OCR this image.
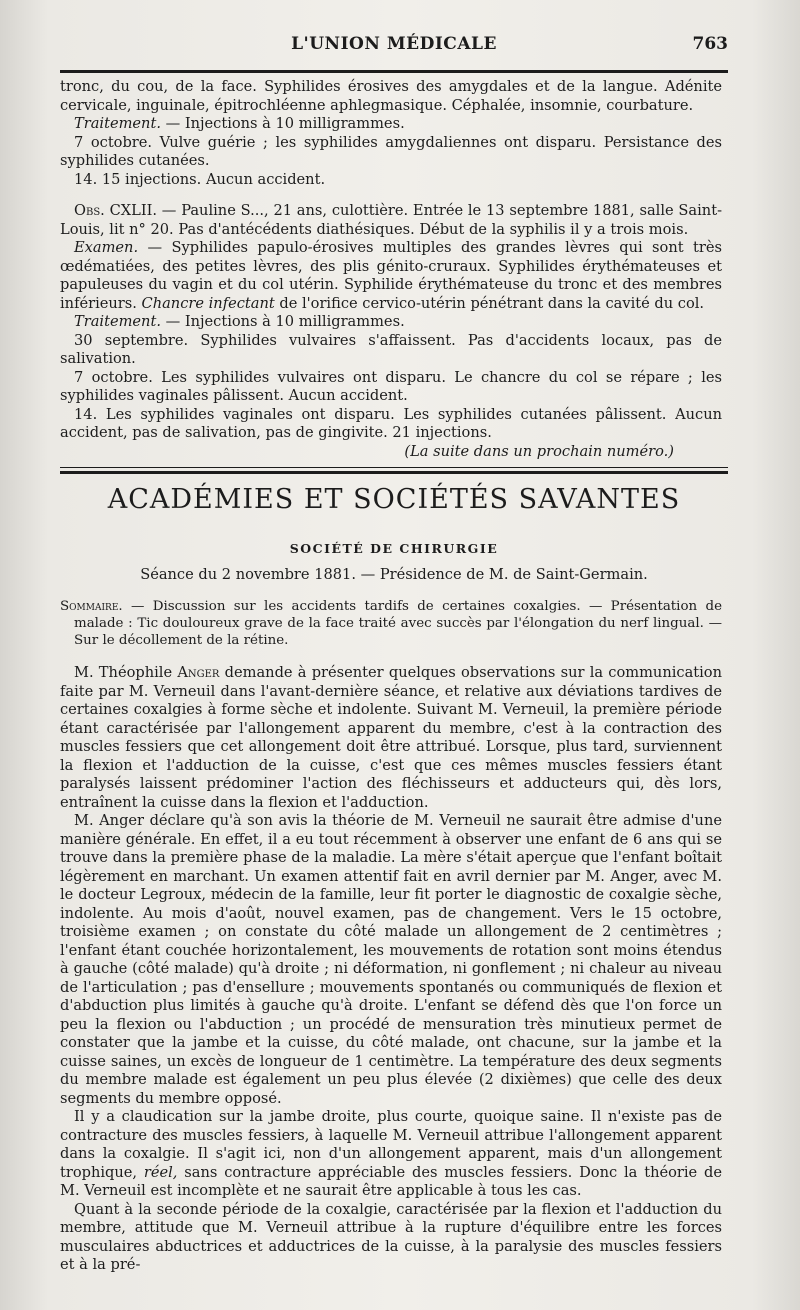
L'UNION MÉDICALE	763

tronc, du cou, de la face. Syphilides érosives des amygdales et de la langue. Adénite cervicale, inguinale, épitrochléenne aphlegmasique. Céphalée, insomnie, courbature.

Traitement. — Injections à 10 milligrammes.

7 octobre. Vulve guérie ; les syphilides amygdaliennes ont disparu. Persistance des syphilides cutanées.

14. 15 injections. Aucun accident.

Obs. CXLII. — Pauline S..., 21 ans, culottière. Entrée le 13 septembre 1881, salle Saint-Louis, lit n° 20. Pas d'antécédents diathésiques. Début de la syphilis il y a trois mois.

Examen. — Syphilides papulo-érosives multiples des grandes lèvres qui sont très œdématiées, des petites lèvres, des plis génito-cruraux. Syphilides érythémateuses et papuleuses du vagin et du col utérin. Syphilide érythémateuse du tronc et des membres inférieurs. Chancre infectant de l'orifice cervico-utérin pénétrant dans la cavité du col.

Traitement. — Injections à 10 milligrammes.

30 septembre. Syphilides vulvaires s'affaissent. Pas d'accidents locaux, pas de salivation.

7 octobre. Les syphilides vulvaires ont disparu. Le chancre du col se répare ; les syphilides vaginales pâlissent. Aucun accident.

14. Les syphilides vaginales ont disparu. Les syphilides cutanées pâlissent. Aucun accident, pas de salivation, pas de gingivite. 21 injections.

(La suite dans un prochain numéro.)

ACADÉMIES ET SOCIÉTÉS SAVANTES
SOCIÉTÉ DE CHIRURGIE
Séance du 2 novembre 1881. — Présidence de M. de Saint-Germain.

Sommaire. — Discussion sur les accidents tardifs de certaines coxalgies. — Présentation de malade : Tic douloureux grave de la face traité avec succès par l'élongation du nerf lingual. — Sur le décollement de la rétine.

M. Théophile Anger demande à présenter quelques observations sur la communication faite par M. Verneuil dans l'avant-dernière séance, et relative aux déviations tardives de certaines coxalgies à forme sèche et indolente. Suivant M. Verneuil, la première période étant caractérisée par l'allongement apparent du membre, c'est à la contraction des muscles fessiers que cet allongement doit être attribué. Lorsque, plus tard, surviennent la flexion et l'adduction de la cuisse, c'est que ces mêmes muscles fessiers étant paralysés laissent prédominer l'action des fléchisseurs et adducteurs qui, dès lors, entraînent la cuisse dans la flexion et l'adduction.

M. Anger déclare qu'à son avis la théorie de M. Verneuil ne saurait être admise d'une manière générale. En effet, il a eu tout récemment à observer une enfant de 6 ans qui se trouve dans la première phase de la maladie. La mère s'était aperçue que l'enfant boîtait légèrement en marchant. Un examen attentif fait en avril dernier par M. Anger, avec M. le docteur Legroux, médecin de la famille, leur fit porter le diagnostic de coxalgie sèche, indolente. Au mois d'août, nouvel examen, pas de changement. Vers le 15 octobre, troisième examen ; on constate du côté malade un allongement de 2 centimètres ; l'enfant étant couchée horizontalement, les mouvements de rotation sont moins étendus à gauche (côté malade) qu'à droite ; ni déformation, ni gonflement ; ni chaleur au niveau de l'articulation ; pas d'ensellure ; mouvements spontanés ou communiqués de flexion et d'abduction plus limités à gauche qu'à droite. L'enfant se défend dès que l'on force un peu la flexion ou l'abduction ; un procédé de mensuration très minutieux permet de constater que la jambe et la cuisse, du côté malade, ont chacune, sur la jambe et la cuisse saines, un excès de longueur de 1 centimètre. La température des deux segments du membre malade est également un peu plus élevée (2 dixièmes) que celle des deux segments du membre opposé.

Il y a claudication sur la jambe droite, plus courte, quoique saine. Il n'existe pas de contracture des muscles fessiers, à laquelle M. Verneuil attribue l'allongement apparent dans la coxalgie. Il s'agit ici, non d'un allongement apparent, mais d'un allongement trophique, réel, sans contracture appréciable des muscles fessiers. Donc la théorie de M. Verneuil est incomplète et ne saurait être applicable à tous les cas.

Quant à la seconde période de la coxalgie, caractérisée par la flexion et l'adduction du membre, attitude que M. Verneuil attribue à la rupture d'équilibre entre les forces musculaires abductrices et adductrices de la cuisse, à la paralysie des muscles fessiers et à la pré-
